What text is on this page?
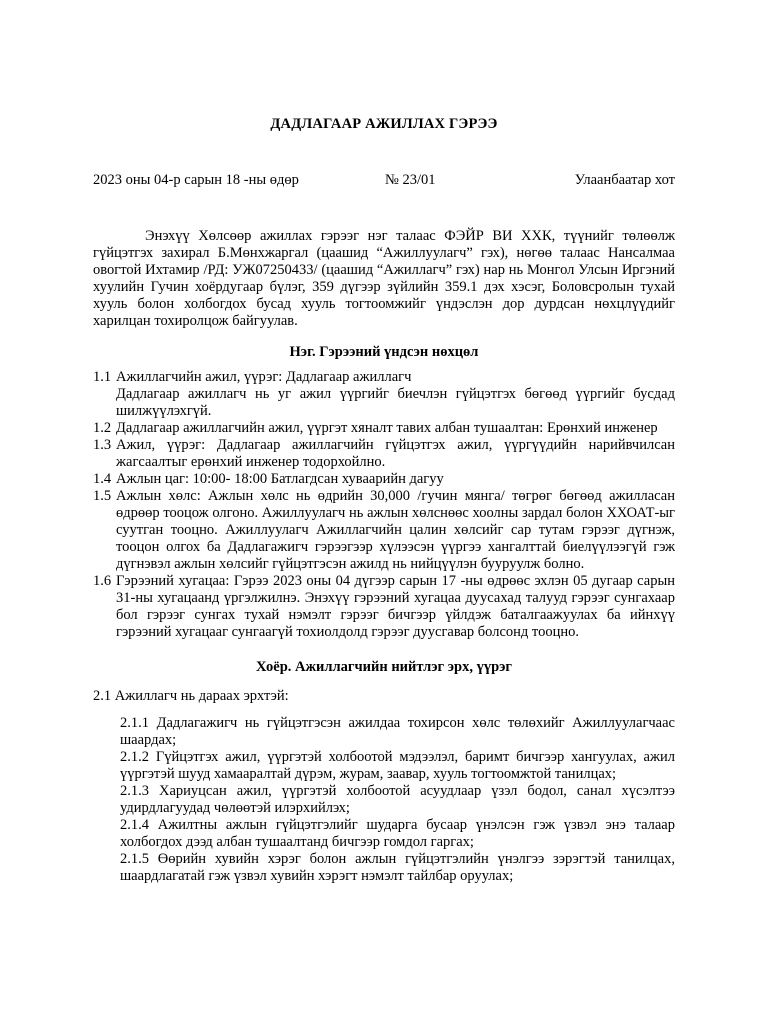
ДАДЛАГААР АЖИЛЛАХ ГЭРЭЭ
2023 оны 04-р сарын 18 -ны өдөр	№ 23/01	Улаанбаатар хот

Энэхүү Хөлсөөр ажиллах гэрээг нэг талаас ФЭЙР ВИ ХХК, түүнийг төлөөлж гүйцэтгэх захирал Б.Мөнхжаргал (цаашид “Ажиллуулагч” гэх), нөгөө талаас Нансалмаа овогтой Ихтамир /РД: УЖ07250433/ (цаашид “Ажиллагч” гэх) нар нь Монгол Улсын Иргэний хуулийн Гучин хоёрдугаар бүлэг, 359 дүгээр зүйлийн 359.1 дэх хэсэг, Боловсролын тухай хууль болон холбогдох бусад хууль тогтоомжийг үндэслэн дор дурдсан нөхцлүүдийг харилцан тохиролцож байгуулав.

Нэг. Гэрээний үндсэн нөхцөл
1.1 Ажиллагчийн ажил, үүрэг: Дадлагаар ажиллагч
Дадлагаар ажиллагч нь уг ажил үүргийг биечлэн гүйцэтгэх бөгөөд үүргийг бусдад шилжүүлэхгүй.
1.2 Дадлагаар ажиллагчийн ажил, үүргэт хяналт тавих албан тушаалтан: Ерөнхий инженер
1.3 Ажил, үүрэг: Дадлагаар ажиллагчийн гүйцэтгэх ажил, үүргүүдийн нарийвчилсан жагсаалтыг ерөнхий инженер тодорхойлно.
1.4 Ажлын цаг: 10:00- 18:00 Батлагдсан хуваарийн дагуу
1.5 Ажлын хөлс: Ажлын хөлс нь өдрийн 30,000 /гучин мянга/ төгрөг бөгөөд ажилласан өдрөөр тооцож олгоно. Ажиллуулагч нь ажлын хөлснөөс хоолны зардал болон ХХОАТ-ыг суутган тооцно. Ажиллуулагч Ажиллагчийн цалин хөлсийг сар тутам гэрээг дүгнэж, тооцон олгох ба Дадлагажигч гэрээгээр хүлээсэн үүргээ хангалттай биелүүлээгүй гэж дүгнэвэл ажлын хөлсийг гүйцэтгэсэн ажилд нь нийцүүлэн бууруулж болно.
1.6 Гэрээний хугацаа: Гэрээ 2023 оны 04 дүгээр сарын 17 -ны өдрөөс эхлэн 05 дугаар сарын 31-ны хугацаанд үргэлжилнэ. Энэхүү гэрээний хугацаа дуусахад талууд гэрээг сунгахаар бол гэрээг сунгах тухай нэмэлт гэрээг бичгээр үйлдэж баталгаажуулах ба ийнхүү гэрээний хугацааг сунгаагүй тохиолдолд гэрээг дуусгавар болсонд тооцно.
Хоёр. Ажиллагчийн нийтлэг эрх, үүрэг
2.1 Ажиллагч нь дараах эрхтэй:
2.1.1 Дадлагажигч нь гүйцэтгэсэн ажилдаа тохирсон хөлс төлөхийг Ажиллуулагчаас шаардах;
2.1.2 Гүйцэтгэх ажил, үүргэтэй холбоотой мэдээлэл, баримт бичгээр хангуулах, ажил үүргэтэй шууд хамааралтай дүрэм, журам, заавар, хууль тогтоомжтой танилцах;
2.1.3 Хариуцсан ажил, үүргэтэй холбоотой асуудлаар үзэл бодол, санал хүсэлтээ удирдлагуудад чөлөөтэй илэрхийлэх;
2.1.4 Ажилтны ажлын гүйцэтгэлийг шударга бусаар үнэлсэн гэж үзвэл энэ талаар холбогдох дээд албан тушаалтанд бичгээр гомдол гаргах;
2.1.5 Өөрийн хувийн хэрэг болон ажлын гүйцэтгэлийн үнэлгээ зэрэгтэй танилцах, шаардлагатай гэж үзвэл хувийн хэрэгт нэмэлт тайлбар оруулах;
